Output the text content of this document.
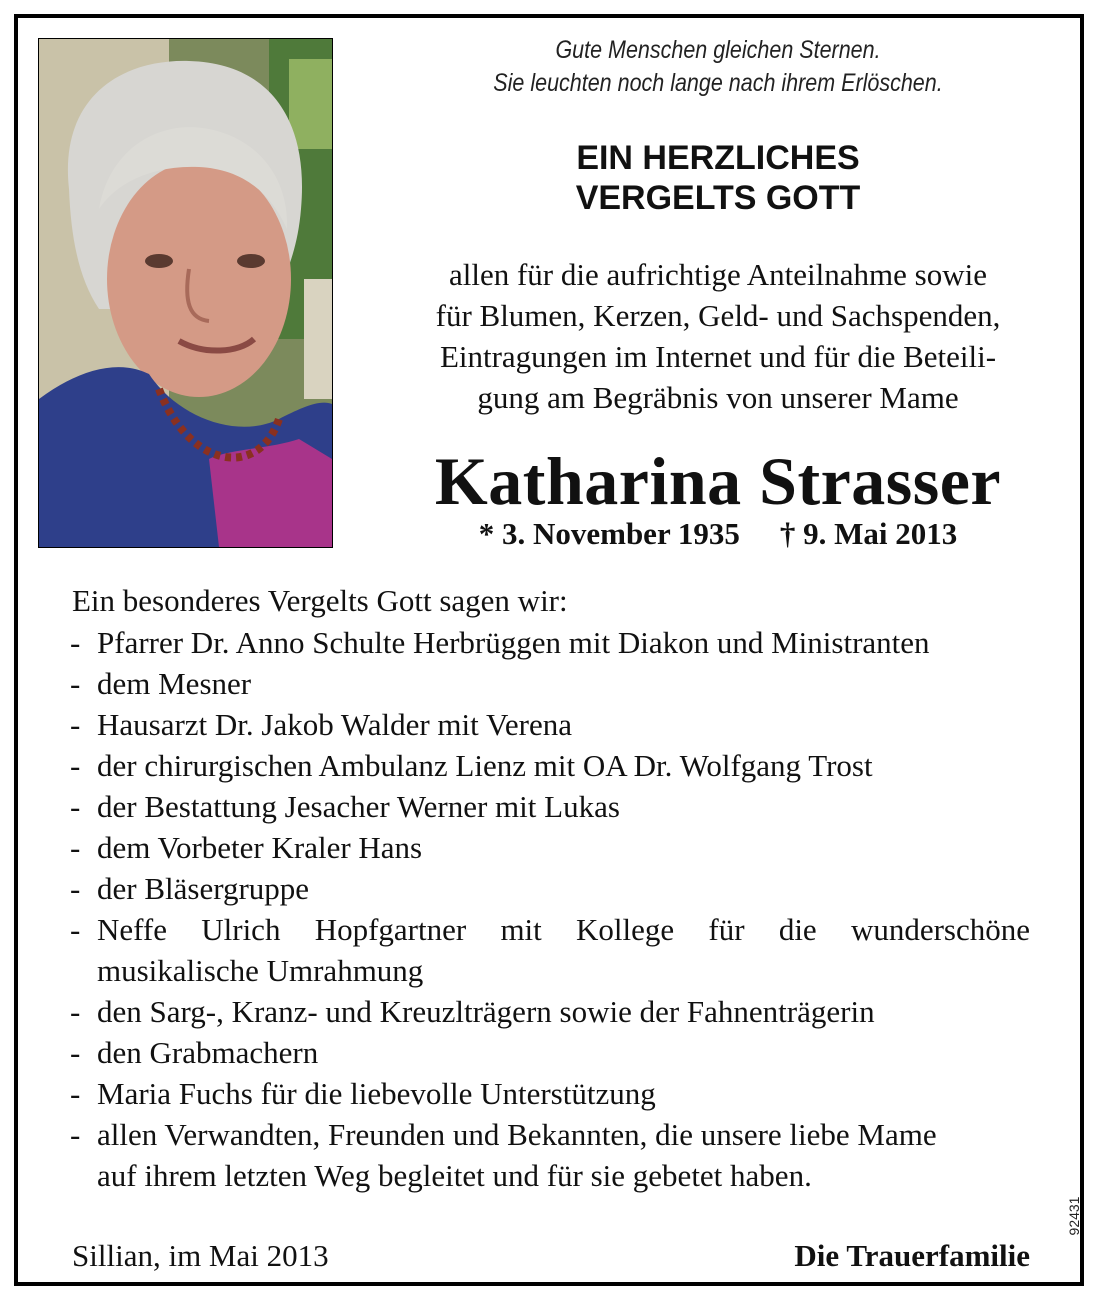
Gute Menschen gleichen Sternen.
Sie leuchten noch lange nach ihrem Erlöschen.
EIN HERZLICHES
VERGELTS GOTT
allen für die aufrichtige Anteilnahme sowie
für Blumen, Kerzen, Geld- und Sachspenden,
Eintragungen im Internet und für die Beteili-
gung am Begräbnis von unserer Mame
Katharina Strasser
* 3. November 1935 † 9. Mai 2013
Ein besonderes Vergelts Gott sagen wir:
- Pfarrer Dr. Anno Schulte Herbrüggen mit Diakon und Ministranten
- dem Mesner
- Hausarzt Dr. Jakob Walder mit Verena
- der chirurgischen Ambulanz Lienz mit OA Dr. Wolfgang Trost
- der Bestattung Jesacher Werner mit Lukas
- dem Vorbeter Kraler Hans
- der Bläsergruppe
- Neffe Ulrich Hopfgartner mit Kollege für die wunderschöne
musikalische Umrahmung
- den Sarg-, Kranz- und Kreuzlträgern sowie der Fahnenträgerin
- den Grabmachern
- Maria Fuchs für die liebevolle Unterstützung
- allen Verwandten, Freunden und Bekannten, die unsere liebe Mame
auf ihrem letzten Weg begleitet und für sie gebetet haben.
Sillian, im Mai 2013	Die Trauerfamilie
92431
